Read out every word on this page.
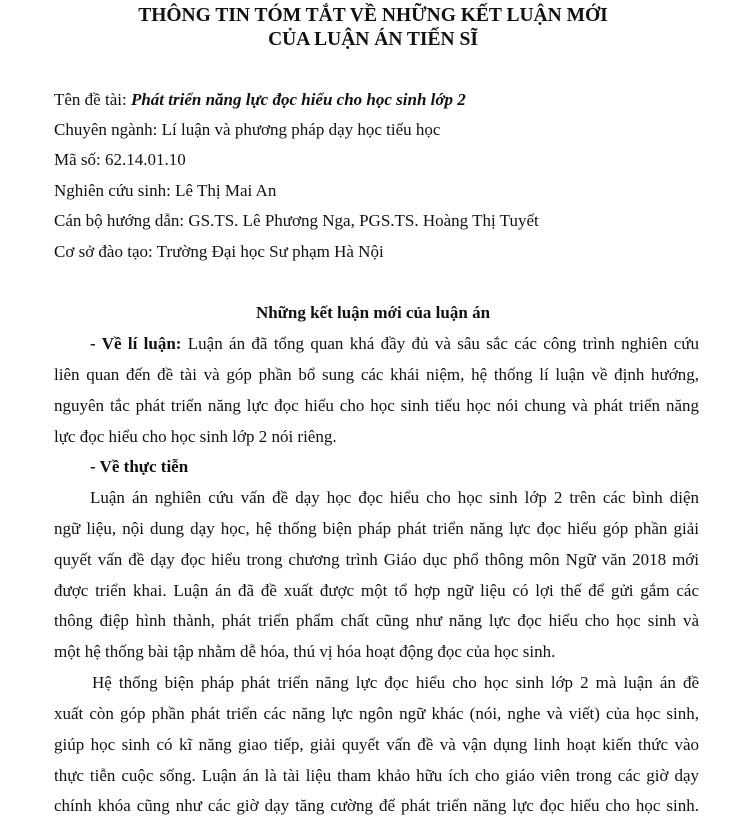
THÔNG TIN TÓM TẮT VỀ NHỮNG KẾT LUẬN MỚI
CỦA LUẬN ÁN TIẾN SĨ
Tên đề tài: Phát triển năng lực đọc hiểu cho học sinh lớp 2
Chuyên ngành: Lí luận và phương pháp dạy học tiểu học
Mã số: 62.14.01.10
Nghiên cứu sinh: Lê Thị Mai An
Cán bộ hướng dẫn: GS.TS. Lê Phương Nga, PGS.TS. Hoàng Thị Tuyết
Cơ sở đào tạo: Trường Đại học Sư phạm Hà Nội
Những kết luận mới của luận án
- Về lí luận: Luận án đã tổng quan khá đầy đủ và sâu sắc các công trình nghiên cứu
liên quan đến đề tài và góp phần bổ sung các khái niệm, hệ thống lí luận về định hướng,
nguyên tắc phát triển năng lực đọc hiểu cho học sinh tiểu học nói chung và phát triển năng
lực đọc hiểu cho học sinh lớp 2 nói riêng.
- Về thực tiễn
Luận án nghiên cứu vấn đề dạy học đọc hiểu cho học sinh lớp 2 trên các bình diện
ngữ liệu, nội dung dạy học, hệ thống biện pháp phát triển năng lực đọc hiểu góp phần giải
quyết vấn đề dạy đọc hiểu trong chương trình Giáo dục phổ thông môn Ngữ văn 2018 mới
được triển khai. Luận án đã đề xuất được một tổ hợp ngữ liệu có lợi thế để gửi gắm các
thông điệp hình thành, phát triển phẩm chất cũng như năng lực đọc hiểu cho học sinh và
một hệ thống bài tập nhằm dễ hóa, thú vị hóa hoạt động đọc của học sinh.
Hệ thống biện pháp phát triển năng lực đọc hiểu cho học sinh lớp 2 mà luận án đề
xuất còn góp phần phát triển các năng lực ngôn ngữ khác (nói, nghe và viết) của học sinh,
giúp học sinh có kĩ năng giao tiếp, giải quyết vấn đề và vận dụng linh hoạt kiến thức vào
thực tiễn cuộc sống. Luận án là tài liệu tham khảo hữu ích cho giáo viên trong các giờ dạy
chính khóa cũng như các giờ dạy tăng cường để phát triển năng lực đọc hiểu cho học sinh.
